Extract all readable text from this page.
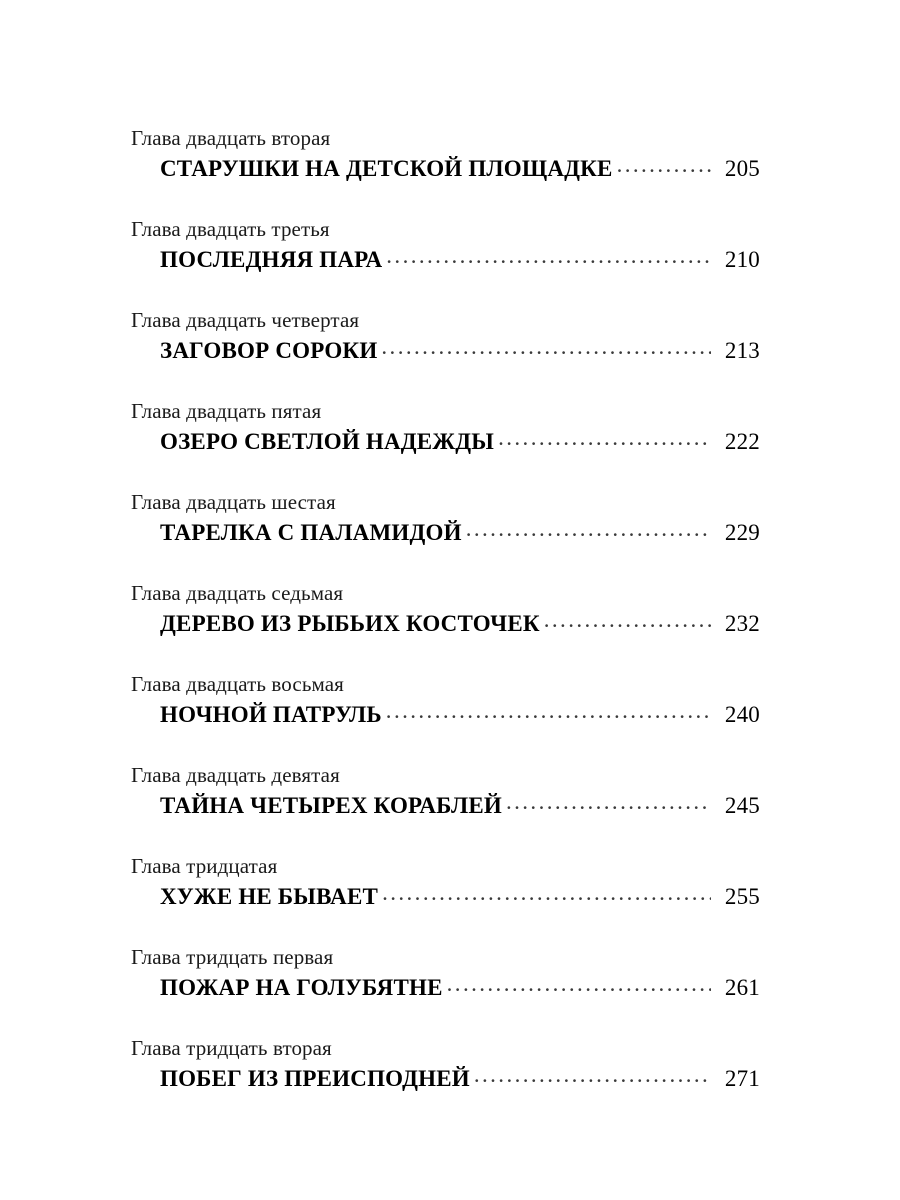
Глава двадцать вторая
СТАРУШКИ НА ДЕТСКОЙ ПЛОЩАДКЕ .....	205
Глава двадцать третья
ПОСЛЕДНЯЯ ПАРА .....	210
Глава двадцать четвертая
ЗАГОВОР СОРОКИ .....	213
Глава двадцать пятая
ОЗЕРО СВЕТЛОЙ НАДЕЖДЫ .....	222
Глава двадцать шестая
ТАРЕЛКА С ПАЛАМИДОЙ .....	229
Глава двадцать седьмая
ДЕРЕВО ИЗ РЫБЬИХ КОСТОЧЕК .....	232
Глава двадцать восьмая
НОЧНОЙ ПАТРУЛЬ .....	240
Глава двадцать девятая
ТАЙНА ЧЕТЫРЕХ КОРАБЛЕЙ .....	245
Глава тридцатая
ХУЖЕ НЕ БЫВАЕТ .....	255
Глава тридцать первая
ПОЖАР НА ГОЛУБЯТНЕ .....	261
Глава тридцать вторая
ПОБЕГ ИЗ ПРЕИСПОДНЕЙ .....	271
